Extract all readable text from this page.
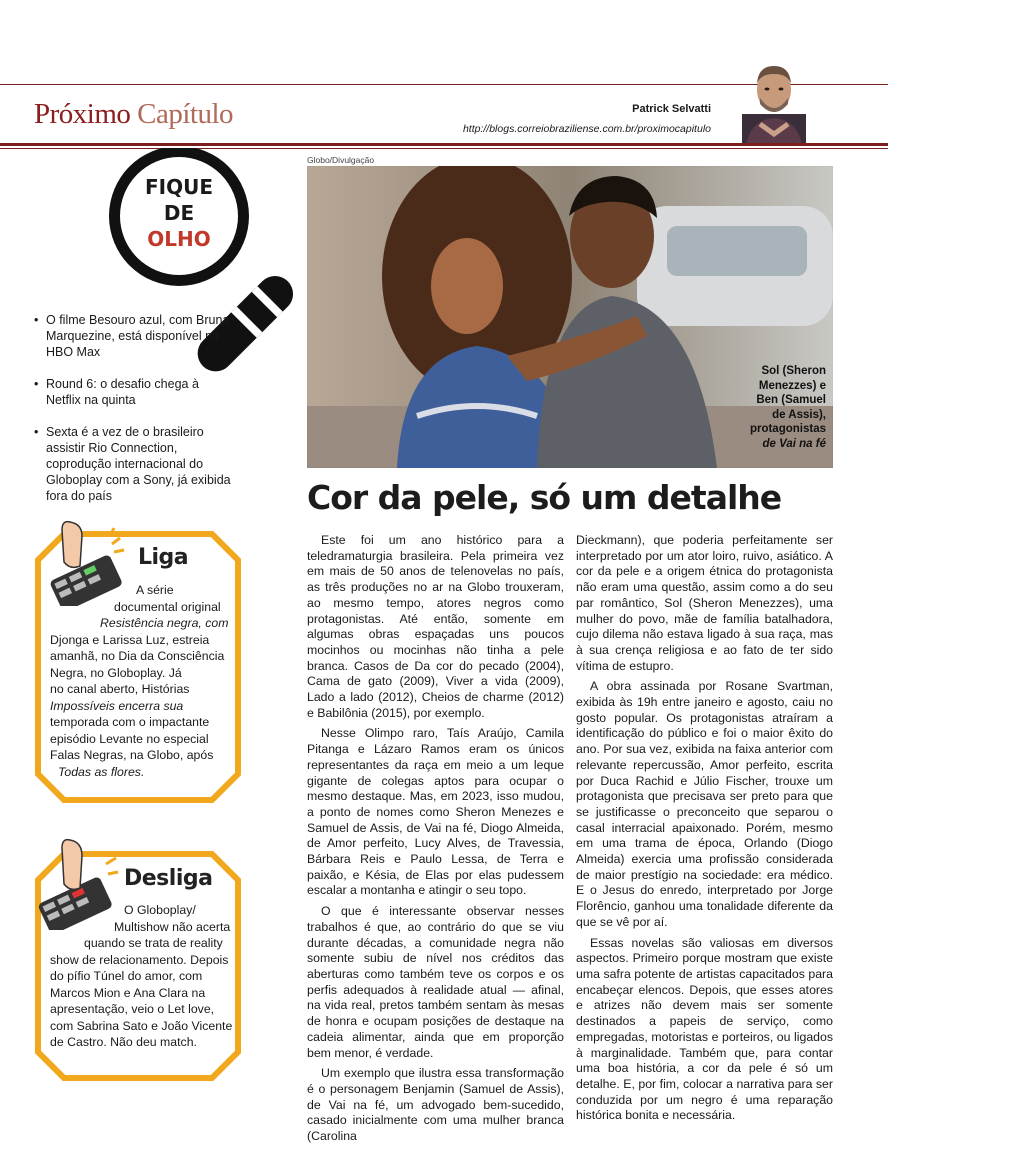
Próximo Capítulo	Patrick Selvatti
http://blogs.correiobraziliense.com.br/proximocapitulo
FIQUE
DE
OLHO
• O filme Besouro azul, com Bruna Marquezine, está disponível na HBO Max
• Round 6: o desafio chega à Netflix na quinta
• Sexta é a vez de o brasileiro assistir Rio Connection, coprodução internacional do Globoplay com a Sony, já exibida fora do país
Liga
A série
documental original
Resistência negra, com
Djonga e Larissa Luz, estreia
amanhã, no Dia da Consciência
Negra, no Globoplay. Já
no canal aberto, Histórias
Impossíveis encerra sua
temporada com o impactante
episódio Levante no especial
Falas Negras, na Globo, após
Todas as flores.
Desliga
O Globoplay/
Multishow não acerta
quando se trata de reality
show de relacionamento. Depois
do pífio Túnel do amor, com
Marcos Mion e Ana Clara na
apresentação, veio o Let love,
com Sabrina Sato e João Vicente
de Castro. Não deu match.
Globo/Divulgação
Sol (Sheron
Menezzes) e
Ben (Samuel
de Assis),
protagonistas
de Vai na fé
Cor da pele, só um detalhe

Este foi um ano histórico para a teledramaturgia brasileira. Pela primeira vez em mais de 50 anos de telenovelas no país, as três produções no ar na Globo trouxeram, ao mesmo tempo, atores negros como protagonistas. Até então, somente em algumas obras espaçadas uns poucos mocinhos ou mocinhas não tinha a pele branca. Casos de Da cor do pecado (2004), Cama de gato (2009), Viver a vida (2009), Lado a lado (2012), Cheios de charme (2012) e Babilônia (2015), por exemplo.

Nesse Olimpo raro, Taís Araújo, Camila Pitanga e Lázaro Ramos eram os únicos representantes da raça em meio a um leque gigante de colegas aptos para ocupar o mesmo destaque. Mas, em 2023, isso mudou, a ponto de nomes como Sheron Menezes e Samuel de Assis, de Vai na fé, Diogo Almeida, de Amor perfeito, Lucy Alves, de Travessia, Bárbara Reis e Paulo Lessa, de Terra e paixão, e Késia, de Elas por elas pudessem escalar a montanha e atingir o seu topo.

O que é interessante observar nesses trabalhos é que, ao contrário do que se viu durante décadas, a comunidade negra não somente subiu de nível nos créditos das aberturas como também teve os corpos e os perfis adequados à realidade atual — afinal, na vida real, pretos também sentam às mesas de honra e ocupam posições de destaque na cadeia alimentar, ainda que em proporção bem menor, é verdade.

Um exemplo que ilustra essa transformação é o personagem Benjamin (Samuel de Assis), de Vai na fé, um advogado bem-sucedido, casado inicialmente com uma mulher branca (Carolina

Dieckmann), que poderia perfeitamente ser interpretado por um ator loiro, ruivo, asiático. A cor da pele e a origem étnica do protagonista não eram uma questão, assim como a do seu par romântico, Sol (Sheron Menezzes), uma mulher do povo, mãe de família batalhadora, cujo dilema não estava ligado à sua raça, mas à sua crença religiosa e ao fato de ter sido vítima de estupro.

A obra assinada por Rosane Svartman, exibida às 19h entre janeiro e agosto, caiu no gosto popular. Os protagonistas atraíram a identificação do público e foi o maior êxito do ano. Por sua vez, exibida na faixa anterior com relevante repercussão, Amor perfeito, escrita por Duca Rachid e Júlio Fischer, trouxe um protagonista que precisava ser preto para que se justificasse o preconceito que separou o casal interracial apaixonado. Porém, mesmo em uma trama de época, Orlando (Diogo Almeida) exercia uma profissão considerada de maior prestígio na sociedade: era médico. E o Jesus do enredo, interpretado por Jorge Florêncio, ganhou uma tonalidade diferente da que se vê por aí.

Essas novelas são valiosas em diversos aspectos. Primeiro porque mostram que existe uma safra potente de artistas capacitados para encabeçar elencos. Depois, que esses atores e atrizes não devem mais ser somente destinados a papeis de serviço, como empregadas, motoristas e porteiros, ou ligados à marginalidade. Também que, para contar uma boa história, a cor da pele é só um detalhe. E, por fim, colocar a narrativa para ser conduzida por um negro é uma reparação histórica bonita e necessária.
